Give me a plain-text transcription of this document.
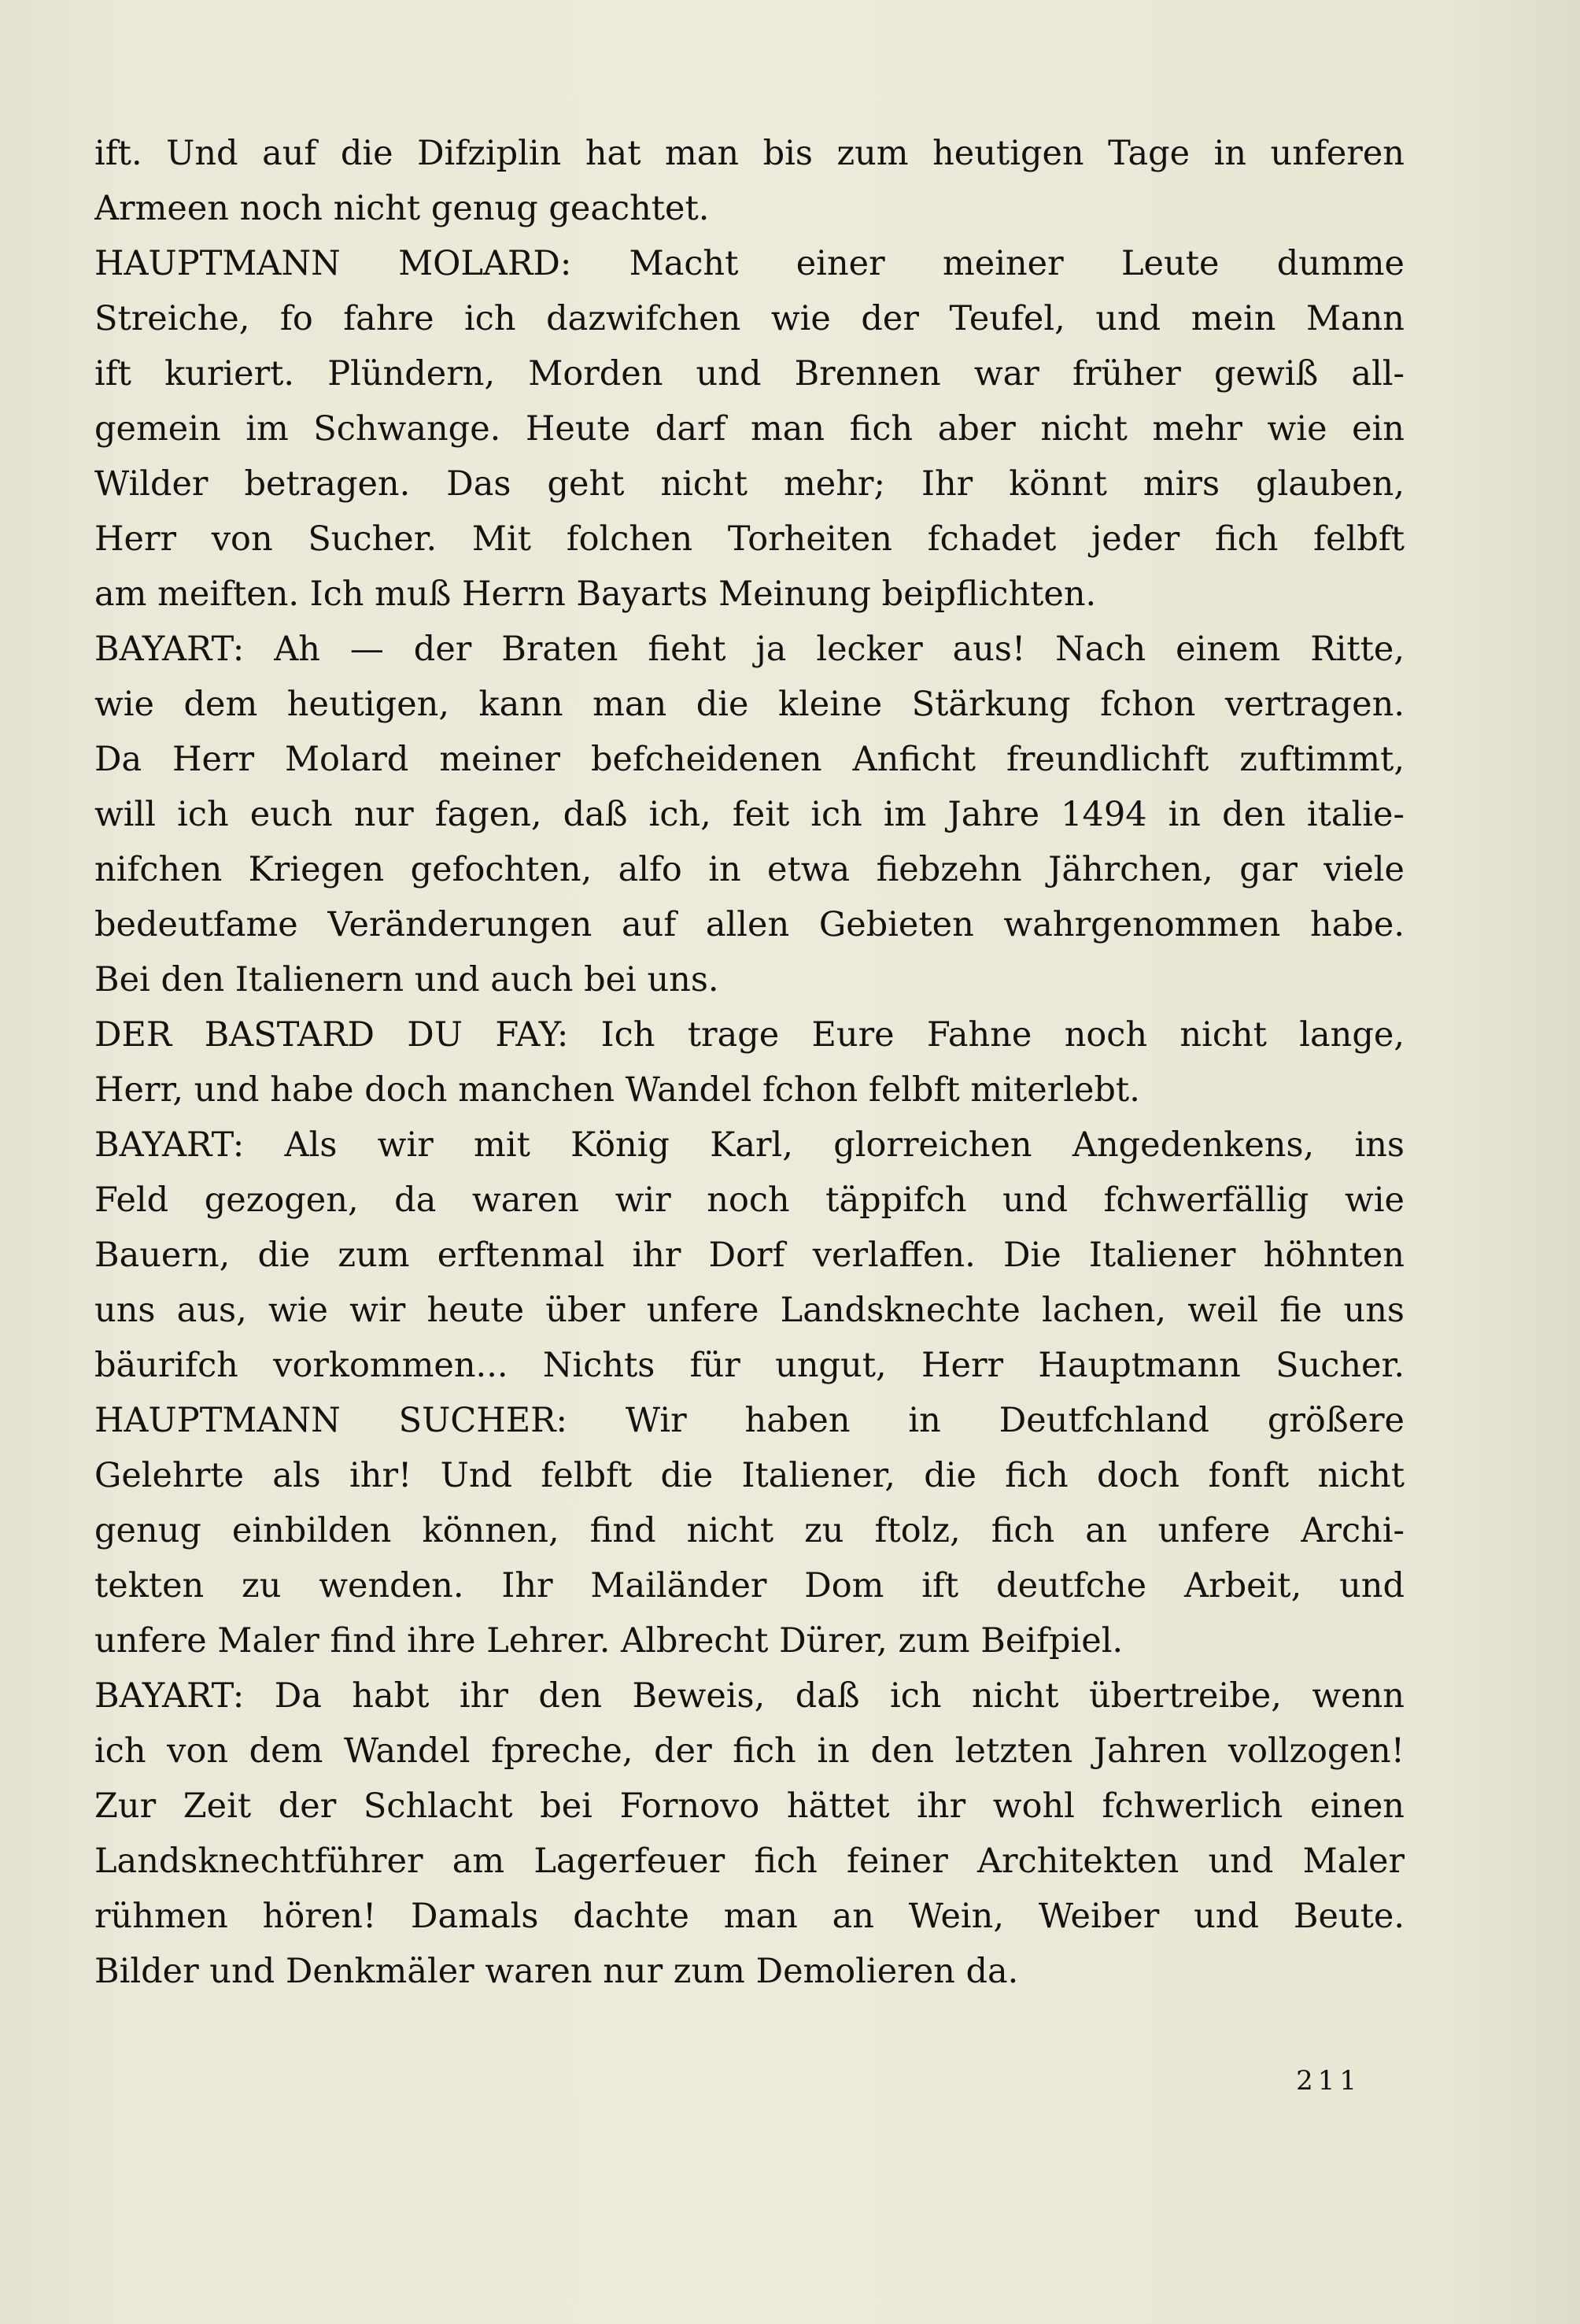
ift. Und auf die Difziplin hat man bis zum heutigen Tage in unferen
Armeen noch nicht genug geachtet.
HAUPTMANN MOLARD: Macht einer meiner Leute dumme
Streiche, fo fahre ich dazwifchen wie der Teufel, und mein Mann
ift kuriert. Plündern, Morden und Brennen war früher gewiß all-
gemein im Schwange. Heute darf man fich aber nicht mehr wie ein
Wilder betragen. Das geht nicht mehr; Ihr könnt mirs glauben,
Herr von Sucher. Mit folchen Torheiten fchadet jeder fich felbft
am meiften. Ich muß Herrn Bayarts Meinung beipflichten.
BAYART: Ah — der Braten fieht ja lecker aus! Nach einem Ritte,
wie dem heutigen, kann man die kleine Stärkung fchon vertragen.
Da Herr Molard meiner befcheidenen Anficht freundlichft zuftimmt,
will ich euch nur fagen, daß ich, feit ich im Jahre 1494 in den italie-
nifchen Kriegen gefochten, alfo in etwa fiebzehn Jährchen, gar viele
bedeutfame Veränderungen auf allen Gebieten wahrgenommen habe.
Bei den Italienern und auch bei uns.
DER BASTARD DU FAY: Ich trage Eure Fahne noch nicht lange,
Herr, und habe doch manchen Wandel fchon felbft miterlebt.
BAYART: Als wir mit König Karl, glorreichen Angedenkens, ins
Feld gezogen, da waren wir noch täppifch und fchwerfällig wie
Bauern, die zum erftenmal ihr Dorf verlaffen. Die Italiener höhnten
uns aus, wie wir heute über unfere Landsknechte lachen, weil fie uns
bäurifch vorkommen... Nichts für ungut, Herr Hauptmann Sucher.
HAUPTMANN SUCHER: Wir haben in Deutfchland größere
Gelehrte als ihr! Und felbft die Italiener, die fich doch fonft nicht
genug einbilden können, find nicht zu ftolz, fich an unfere Archi-
tekten zu wenden. Ihr Mailänder Dom ift deutfche Arbeit, und
unfere Maler find ihre Lehrer. Albrecht Dürer, zum Beifpiel.
BAYART: Da habt ihr den Beweis, daß ich nicht übertreibe, wenn
ich von dem Wandel fpreche, der fich in den letzten Jahren vollzogen!
Zur Zeit der Schlacht bei Fornovo hättet ihr wohl fchwerlich einen
Landsknechtführer am Lagerfeuer fich feiner Architekten und Maler
rühmen hören! Damals dachte man an Wein, Weiber und Beute.
Bilder und Denkmäler waren nur zum Demolieren da.
211
